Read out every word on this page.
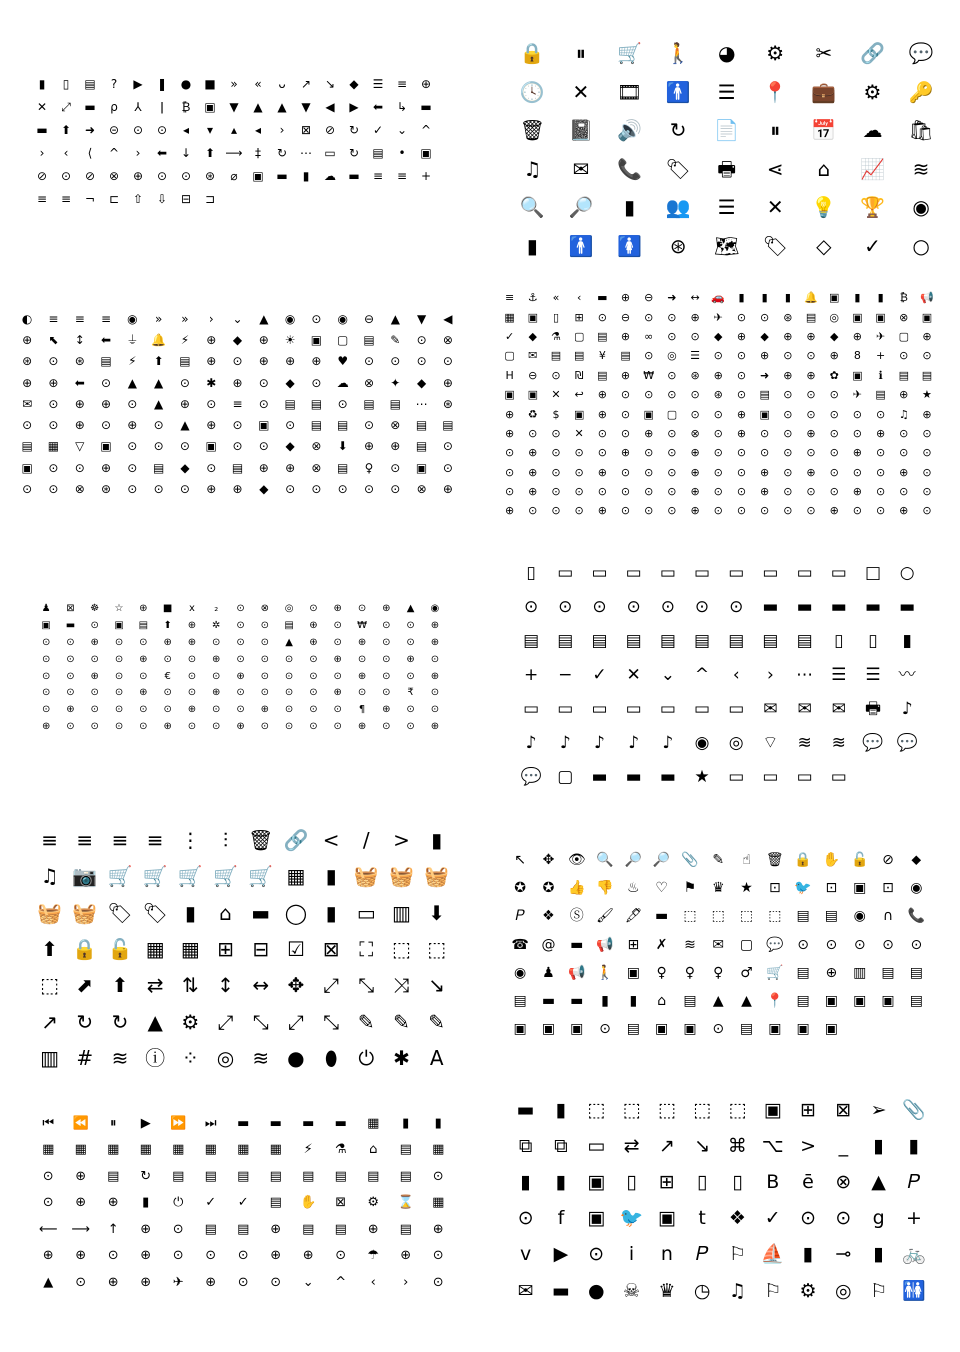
▮	▯	▤	?	▶	❚	●	■	»	«	ᴗ	↗	↘	◆	☰	≡	⊕
✕	⤢	▬	ρ	⅄	ǀ	₿	▣	▼	▲	▲	▼	◀	▶	⬅	↳	▬
▬	⬆	➜	⊝	⊙	⊙	◂	▾	▴	◂	›	⊠	⊘	↻	✓	⌄	^
›	‹	⟨	^	›	⬅	↓	⬆ ⟶	‡	↻	⋯	▭	↻	▤	•	▣
⊘	⊙	⊘	⊗	⊕	⊙	⊙	⊛	⌀	▣	▬	▮	☁	▬	≡	≡	+
≡	≡	¬	⊏	⇧	⇩	⊟	⊐
🔒	⏸	🛒	🚶	◕	⚙	✂	🔗	💬
🕓	✕	🎞	🚹	☰	📍	💼	⚙	🔑
🗑	📓	🔊	↻	📄	⏸	📅	☁	🛍
♫	✉	📞	🏷	🖶	⋖	⌂	📈	≋
🔍	🔎	▮	👥	☰	✕	💡	🏆	◉
▮	🚹	🚺	⊛	🗺	🏷	◇	✓	○
◐	≡	≡	≡	◉	»	»	›	⌄	▲	◉	⊙	◉	⊖	▲	▼	◀
⊕	⬉	↕	⬅	⏚	🔔	⚡	⊕	◆	⊕	☀	▣	▢	▤	✎	⊙	⊗
⊛	⊙	⊛	▤	⚡	⬆	▤	⊕	⊙	⊕	⊕	⊕	♥	⊙	⊙	⊙	⊙
⊕	⊕	⬅	⊙	▲	▲	⊙	✱	⊕	⊙	◆	⊙	☁	⊗	✦	◆	⊕
✉	⊙	⊕	⊕	⊙	▲	⊕	⊙	≡	⊙	▤	▤	⊙	▤	▤	⋯	⊛
⊙	⊙	⊕	⊙	⊕	⊙	▲	⊕	⊙	▣	⊙	▤	▤	⊙	⊗	▤	▤
▤	▦	▽	▣	⊙	⊙	⊙	▣	⊙	⊙	◆	⊗	⬇	⊕	⊕	▤	⊙
▣	⊙	⊙	⊕	⊙	▤	◆	⊙	▤	⊕	⊕	⊗	▤	♀	⊙	▣	⊙
⊙	⊙	⊗	⊛	⊙	⊙	⊙	⊕	⊕	◆	⊙	⊙	⊙	⊙	⊙	⊗	⊕
≡	⚓	«	‹	▬	⊕	⊖	➜	↔	🚗	▮	▮	▮	🔔	▣	▮	▮	₿	📢
▦	▣	▯	⊞	⊙	⊖	⊙	⊙	⊕	✈	⊙	⊙	⊛	▤	◎	▣	▣	⊗	▣
✓	◆	⚗	▢	▤	⊕	∞	⊙	⊙	◆	⊕	◆	⊕	⊕	◆	⊕	✈	▢	⊕
▢	✉	▤	▤	¥	▤	⊙	◎	☰	⊙	⊙	⊕	⊙	⊙	⊕	8	+	⊙	⊙
H	⊖	⊙	₪	▤	⊕	₩	⊙	⊛	⊕	⊙	➜	⊕	⊕	✿	▣	ℹ	▤	▤
▣	▣	✕	↩	⊕	⊙	⊙	⊙	⊙	⊛	⊙	▤	⊙	⊙	⊙	✈	▤	⊕	★
⊕	♻	$	▣	⊕	⊙	▣	▢	⊙	⊙	⊕	▣	⊙	⊙	⊙	⊙	⊙	♫	⊕
⊕	⊙	⊙	✕	⊙	⊙	⊕	⊙	⊗	⊙	⊕	⊙	⊙	⊕	⊙	⊙	⊕	⊙	⊙
⊙	⊕	⊙	⊙	⊙	⊕	⊙	⊙	⊕	⊙	⊙	⊙	⊙	⊙	⊙	⊕	⊙	⊙	⊙
⊙	⊕	⊙	⊙	⊕	⊙	⊙	⊙	⊕	⊙	⊙	⊕	⊙	⊕	⊙	⊙	⊙	⊕	⊙
⊙	⊕	⊙	⊙	⊙	⊙	⊙	⊙	⊕	⊙	⊙	⊕	⊙	⊙	⊙	⊕	⊙	⊙	⊙
⊕	⊙	⊙	⊙	⊕	⊙	⊙	⊙	⊕	⊙	⊙	⊙	⊙	⊙	⊕	⊙	⊙	⊕	⊙
♟	⊠	☸	☆	⊕	■	x	₂	⊙	⊗	◎	⊙	⊕	⊙	⊕	▲	◉
▣	▬	⊙	▣	▤	⬆	⊕	✲	⊙	⊙	▤	⊕	⊙	₩	⊙	⊙	⊕
⊙	⊙	⊕	⊙	⊙	⊕	⊕	⊙	⊙	⊙	▲	⊕	⊙	⊕	⊙	⊙	⊕
⊙	⊙	⊙	⊙	⊕	⊙	⊙	⊕	⊙	⊙	⊙	⊙	⊕	⊙	⊙	⊕	⊙
⊙	⊙	⊕	⊙	⊙	€	⊙	⊙	⊕	⊙	⊙	⊙	⊙	⊕	⊙	⊙	⊕
⊙	⊙	⊙	⊙	⊕	⊙	⊙	⊕	⊙	⊙	⊙	⊙	⊕	⊙	⊙	₹	⊙
⊙	⊕	⊙	⊙	⊙	⊙	⊕	⊙	⊙	⊕	⊙	⊙	⊙	¶	⊕	⊙	⊙
⊕	⊙	⊙	⊙	⊙	⊕	⊙	⊙	⊕	⊙	⊙	⊙	⊙	⊕	⊙	⊙	⊕
▯	▭	▭	▭	▭	▭	▭	▭	▭	▭	□	○
⊙	⊙	⊙	⊙	⊙	⊙	⊙	▬	▬	▬	▬	▬
▤	▤	▤	▤	▤	▤	▤	▤	▤	▯	▯	▮
+	−	✓	✕	⌄	^	‹	›	⋯	☰	☰	〰
▭	▭	▭	▭	▭	▭	▭	✉	✉	✉	🖶	♪
♪	♪	♪	♪	♪	◉	◎	⌔	≋	≋ 💬 💬
💬 ▢	▬	▬	▬	★	▭	▭	▭	▭
≡ ≡ ≡ ≡ ⋮	⫶ 🗑 🔗 <	/	>	▮
♫ 📷 🛒 🛒 🛒 🛒 🛒 ▦	▮ 🧺 🧺 🧺
🧺 🧺 🏷 🏷 ▮	⌂ ▬ ◯ ▮	▭ ▥ ⬇
⬆ 🔒 🔓 ▦ ▦ ⊞ ⊟ ☑ ⊠ ⛶ ⬚ ⬚
⬚ ⬈ ⬆ ⇄ ⇅ ↕ ↔ ✥ ⤢ ⤡ ⤨ ↘
↗ ↻ ↻ ▲ ⚙ ⤢ ⤡ ⤢ ⤡ ✎ ✎ ✎
▥ # ≋ ⓘ ⁘ ◎ ≋ ●	⬮	⏻ ✱ A
↖	✥ 👁 🔍 🔎 🔎 📎 ✎	☝	🗑 🔒 ✋ 🔓 ⊘	⬥
✪	✪ 👍 👎 ♨	♡	⚑	♛	★	⊡ 🐦 ⊡	▣	⊡	◉
𝑃	❖	Ⓢ 🖌 🖋 ▬	⬚	⬚	⬚	⬚	▤	▤	◉	∩	📞
☎ @	▬ 📢 ⊞	✗	≋	✉	▢ 💬 ⊙	⊙	⊙	⊙	⊙
◉	♟ 📢 🚶 ▣	♀	♀	♀	♂ 🛒 ▤	⊕	▥	▤	▤
▤	▬	▬	▮	▮	⌂	▤	▲	▲	📍 ▤	▣	▣	▣	▤
▣	▣	▣	⊙	▤	▣	▣	⊙	▤	▣	▣	▣
⏮	⏪	⏸	▶	⏩	⏭	▬	▬	▬	▬	▦	▮	▮
▦	▦	▦	▦	▦	▦	▦	▦	⚡	⚗	⌂	▤	▦
⊙	⊕	▤	↻	▤	▤	▤	▤	▤	▤	▤	▤	⊙
⊙	⊕	⊕	▮	⏻	✓	✓	▤	✋	⊠	⚙	⌛	▦
⟵	⟶	↑	⊕	⊙	▤	▤	⊕	▤	▤	⊕	▤	⊕
⊕	⊕	⊙	⊕	⊙	⊙	⊙	⊕	⊕	⊙	☂	⊕	⊙
▲	⊙	⊕	⊕	✈	⊕	⊙	⊙	⌄	^	‹	›	⊙
▬	▮	⬚ ⬚ ⬚ ⬚ ⬚ ▣ ⊞	⊠	➢ 📎
⧉	⧉	▭ ⇄	↗	↘ ⌘ ⌥ >	_	▮	▮
▮	▮	▣	▯	⊞	▯	▯	B	ē	⊗	▲	𝑃
⊙	f	▣ 🐦 ▣	t	❖ ✓	⊙	⊙	g	+
v	▶	⊙	i	n	𝑃	⚐ ⛵ ▮	⊸	▮ 🚲
✉ ▬ ● ☠ ♛ ◷ ♫ ⚐ ⚙ ◎ ⚐ 🚻
